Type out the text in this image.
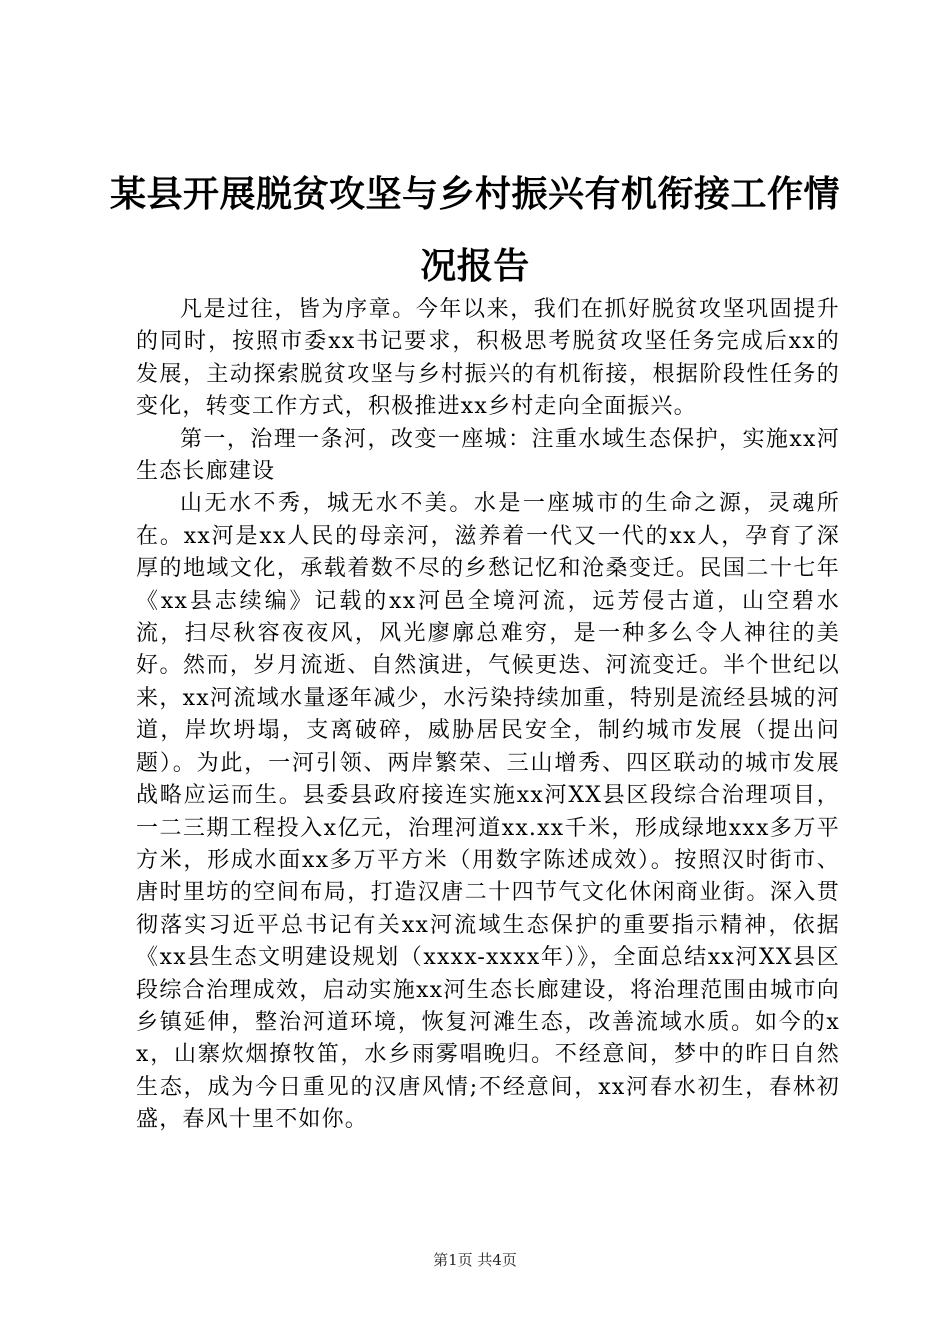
某县开展脱贫攻坚与乡村振兴有机衔接工作情况报告

凡是过往，皆为序章。今年以来，我们在抓好脱贫攻坚巩固提升的同时，按照市委xx书记要求，积极思考脱贫攻坚任务完成后xx的发展，主动探索脱贫攻坚与乡村振兴的有机衔接，根据阶段性任务的变化，转变工作方式，积极推进xx乡村走向全面振兴。

第一，治理一条河，改变一座城：注重水域生态保护，实施xx河生态长廊建设

山无水不秀，城无水不美。水是一座城市的生命之源，灵魂所在。xx河是xx人民的母亲河，滋养着一代又一代的xx人，孕育了深厚的地域文化，承载着数不尽的乡愁记忆和沧桑变迁。民国二十七年《xx县志续编》记载的xx河邑全境河流，远芳侵古道，山空碧水流，扫尽秋容夜夜风，风光廖廓总难穷，是一种多么令人神往的美好。然而，岁月流逝、自然演进，气候更迭、河流变迁。半个世纪以来，xx河流域水量逐年减少，水污染持续加重，特别是流经县城的河道，岸坎坍塌，支离破碎，威胁居民安全，制约城市发展（提出问题）。为此，一河引领、两岸繁荣、三山增秀、四区联动的城市发展战略应运而生。县委县政府接连实施xx河XX县区段综合治理项目，一二三期工程投入x亿元，治理河道xx.xx千米，形成绿地xxx多万平方米，形成水面xx多万平方米（用数字陈述成效）。按照汉时街市、唐时里坊的空间布局，打造汉唐二十四节气文化休闲商业街。深入贯彻落实习近平总书记有关xx河流域生态保护的重要指示精神，依据《xx县生态文明建设规划（xxxx-xxxx年）》，全面总结xx河XX县区段综合治理成效，启动实施xx河生态长廊建设，将治理范围由城市向乡镇延伸，整治河道环境，恢复河滩生态，改善流域水质。如今的xx，山寨炊烟撩牧笛，水乡雨雾唱晚归。不经意间，梦中的昨日自然生态，成为今日重见的汉唐风情;不经意间，xx河春水初生，春林初盛，春风十里不如你。

第1页 共4页
